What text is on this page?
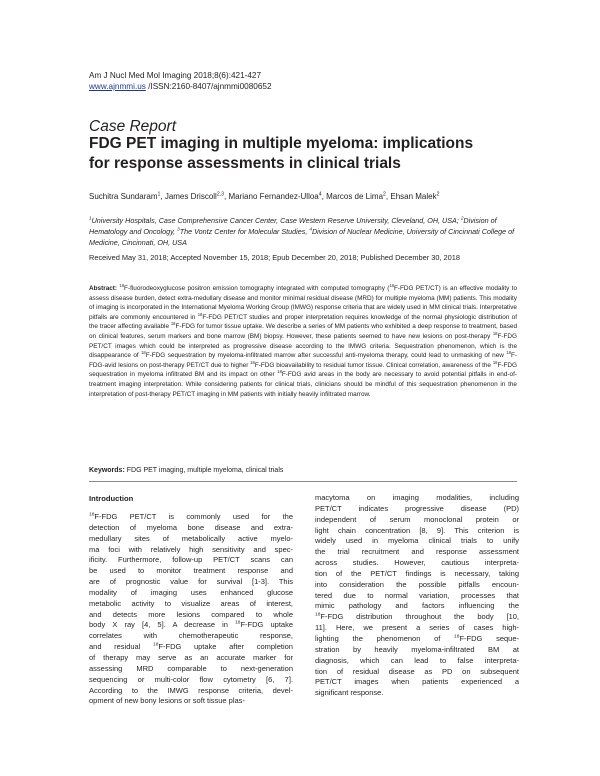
Am J Nucl Med Mol Imaging 2018;8(6):421-427
www.ajnmmi.us /ISSN:2160-8407/ajnmmi0080652
Case Report
FDG PET imaging in multiple myeloma: implications
for response assessments in clinical trials
Suchitra Sundaram$^1$, James Driscoll$^{2,3}$, Mariano Fernandez-Ulloa$^4$, Marcos de Lima$^2$, Ehsan Malek$^2$
$^1$University Hospitals, Case Comprehensive Cancer Center, Case Western Reserve University, Cleveland, OH, USA; $^2$Division of Hematology and Oncology, $^3$The Vontz Center for Molecular Studies, $^4$Division of Nuclear Medicine, University of Cincinnati College of Medicine, Cincinnati, OH, USA
Received May 31, 2018; Accepted November 15, 2018; Epub December 20, 2018; Published December 30, 2018
Abstract: $^{18}$F-fluorodeoxyglucose positron emission tomography integrated with computed tomography ($^{18}$F-FDG PET/CT) is an effective modality to assess disease burden, detect extra-medullary disease and monitor minimal residual disease (MRD) for multiple myeloma (MM) patients. This modality of imaging is incorporated in the International Myeloma Working Group (IMWG) response criteria that are widely used in MM clinical trials. Interpretative pitfalls are commonly encountered in $^{18}$F-FDG PET/CT studies and proper interpretation requires knowledge of the normal physiologic distribution of the tracer affecting available $^{18}$F-FDG for tumor tissue uptake. We describe a series of MM patients who exhibited a deep response to treatment, based on clinical features, serum markers and bone marrow (BM) biopsy. However, these patients seemed to have new lesions on post-therapy $^{18}$F-FDG PET/CT images which could be interpreted as progressive disease according to the IMWG criteria. Sequestration phenomenon, which is the disappearance of $^{18}$F-FDG sequestration by myeloma-infiltrated marrow after successful anti-myeloma therapy, could lead to unmasking of new $^{18}$F-FDG-avid lesions on post-therapy PET/CT due to higher $^{18}$F-FDG bioavailability to residual tumor tissue. Clinical correlation, awareness of the $^{18}$F-FDG sequestration in myeloma infiltrated BM and its impact on other $^{18}$F-FDG avid areas in the body are necessary to avoid potential pitfalls in end-of-treatment imaging interpretation. While considering patients for clinical trials, clinicians should be mindful of this sequestration phenomenon in the interpretation of post-therapy PET/CT imaging in MM patients with initially heavily infiltrated marrow.
Keywords: FDG PET imaging, multiple myeloma, clinical trials
Introduction
$^{18}$F-FDG PET/CT is commonly used for the
detection of myeloma bone disease and extra-
medullary sites of metabolically active myelo-
ma foci with relatively high sensitivity and spec-
ificity. Furthermore, follow-up PET/CT scans can
be used to monitor treatment response and
are of prognostic value for survival [1-3]. This
modality of imaging uses enhanced glucose
metabolic activity to visualize areas of interest,
and detects more lesions compared to whole
body X ray [4, 5]. A decrease in $^{18}$F-FDG uptake
correlates with chemotherapeutic response,
and residual $^{18}$F-FDG uptake after completion
of therapy may serve as an accurate marker for
assessing MRD comparable to next-generation
sequencing or multi-color flow cytometry [6, 7].
According to the IMWG response criteria, devel-
opment of new bony lesions or soft tissue plas-
macytoma on imaging modalities, including
PET/CT indicates progressive disease (PD)
independent of serum monoclonal protein or
light chain concentration [8, 9]. This criterion is
widely used in myeloma clinical trials to unify
the trial recruitment and response assessment
across studies. However, cautious interpreta-
tion of the PET/CT findings is necessary, taking
into consideration the possible pitfalls encoun-
tered due to normal variation, processes that
mimic pathology and factors influencing the
$^{18}$F-FDG distribution throughout the body [10,
11]. Here, we present a series of cases high-
lighting the phenomenon of $^{18}$F-FDG seque-
stration by heavily myeloma-infiltrated BM at
diagnosis, which can lead to false interpreta-
tion of residual disease as PD on subsequent
PET/CT images when patients experienced a
significant response.
